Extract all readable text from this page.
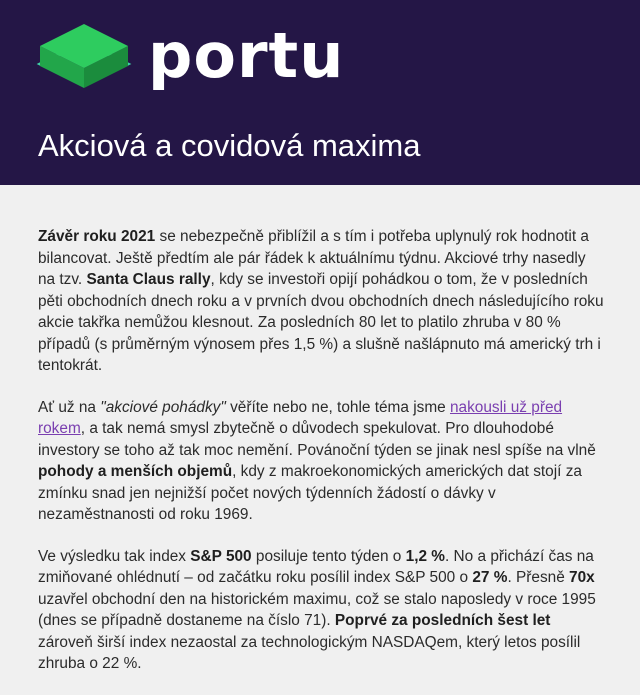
portu
Akciová a covidová maxima

Závěr roku 2021 se nebezpečně přiblížil a s tím i potřeba uplynulý rok hodnotit a bilancovat. Ještě předtím ale pár řádek k aktuálnímu týdnu. Akciové trhy nasedly na tzv. Santa Claus rally, kdy se investoři opijí pohádkou o tom, že v posledních pěti obchodních dnech roku a v prvních dvou obchodních dnech následujícího roku akcie takřka nemůžou klesnout. Za posledních 80 let to platilo zhruba v 80 % případů (s průměrným výnosem přes 1,5 %) a slušně našlápnuto má americký trh i tentokrát.

Ať už na "akciové pohádky" věříte nebo ne, tohle téma jsme nakousli už před rokem, a tak nemá smysl zbytečně o důvodech spekulovat. Pro dlouhodobé investory se toho až tak moc nemění. Povánoční týden se jinak nesl spíše na vlně pohody a menších objemů, kdy z makroekonomických amerických dat stojí za zmínku snad jen nejnižší počet nových týdenních žádostí o dávky v nezaměstnanosti od roku 1969.

Ve výsledku tak index S&P 500 posiluje tento týden o 1,2 %. No a přichází čas na zmiňované ohlédnutí – od začátku roku posílil index S&P 500 o 27 %. Přesně 70x uzavřel obchodní den na historickém maximu, což se stalo naposledy v roce 1995 (dnes se případně dostaneme na číslo 71). Poprvé za posledních šest let zároveň širší index nezaostal za technologickým NASDAQem, který letos posílil zhruba o 22 %.
